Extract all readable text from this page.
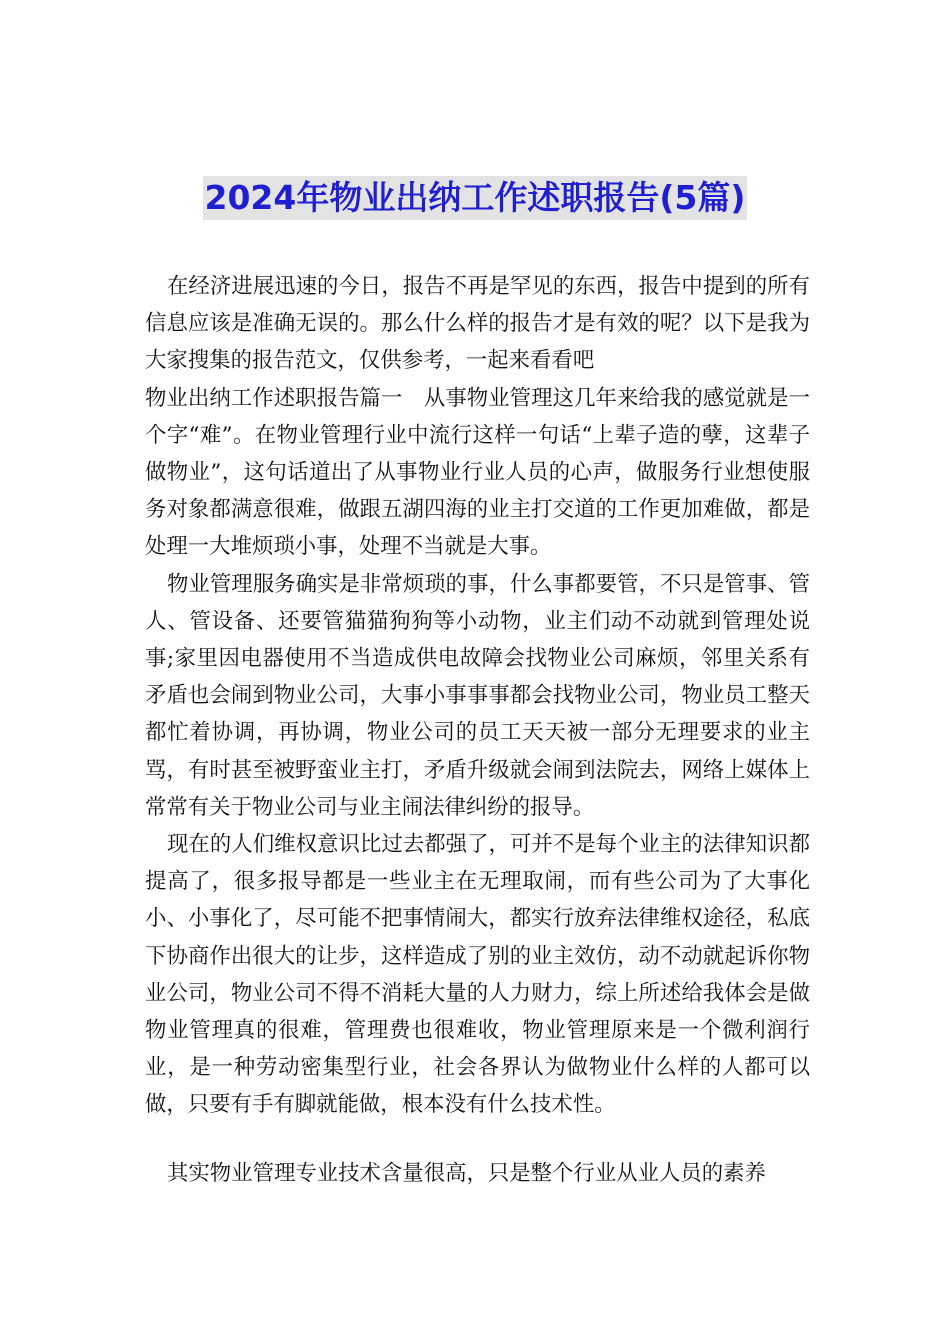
2024年物业出纳工作述职报告(5篇)

在经济进展迅速的今日，报告不再是罕见的东西，报告中提到的所有信息应该是准确无误的。那么什么样的报告才是有效的呢？以下是我为大家搜集的报告范文，仅供参考，一起来看看吧

物业出纳工作述职报告篇一　从事物业管理这几年来给我的感觉就是一个字“难”。在物业管理行业中流行这样一句话“上辈子造的孽，这辈子做物业”，这句话道出了从事物业行业人员的心声，做服务行业想使服务对象都满意很难，做跟五湖四海的业主打交道的工作更加难做，都是处理一大堆烦琐小事，处理不当就是大事。

物业管理服务确实是非常烦琐的事，什么事都要管，不只是管事、管人、管设备、还要管猫猫狗狗等小动物，业主们动不动就到管理处说事;家里因电器使用不当造成供电故障会找物业公司麻烦，邻里关系有矛盾也会闹到物业公司，大事小事事事都会找物业公司，物业员工整天都忙着协调，再协调，物业公司的员工天天被一部分无理要求的业主骂，有时甚至被野蛮业主打，矛盾升级就会闹到法院去，网络上媒体上常常有关于物业公司与业主闹法律纠纷的报导。

现在的人们维权意识比过去都强了，可并不是每个业主的法律知识都提高了，很多报导都是一些业主在无理取闹，而有些公司为了大事化小、小事化了，尽可能不把事情闹大，都实行放弃法律维权途径，私底下协商作出很大的让步，这样造成了别的业主效仿，动不动就起诉你物业公司，物业公司不得不消耗大量的人力财力，综上所述给我体会是做物业管理真的很难，管理费也很难收，物业管理原来是一个微利润行业，是一种劳动密集型行业，社会各界认为做物业什么样的人都可以做，只要有手有脚就能做，根本没有什么技术性。

其实物业管理专业技术含量很高，只是整个行业从业人员的素养
